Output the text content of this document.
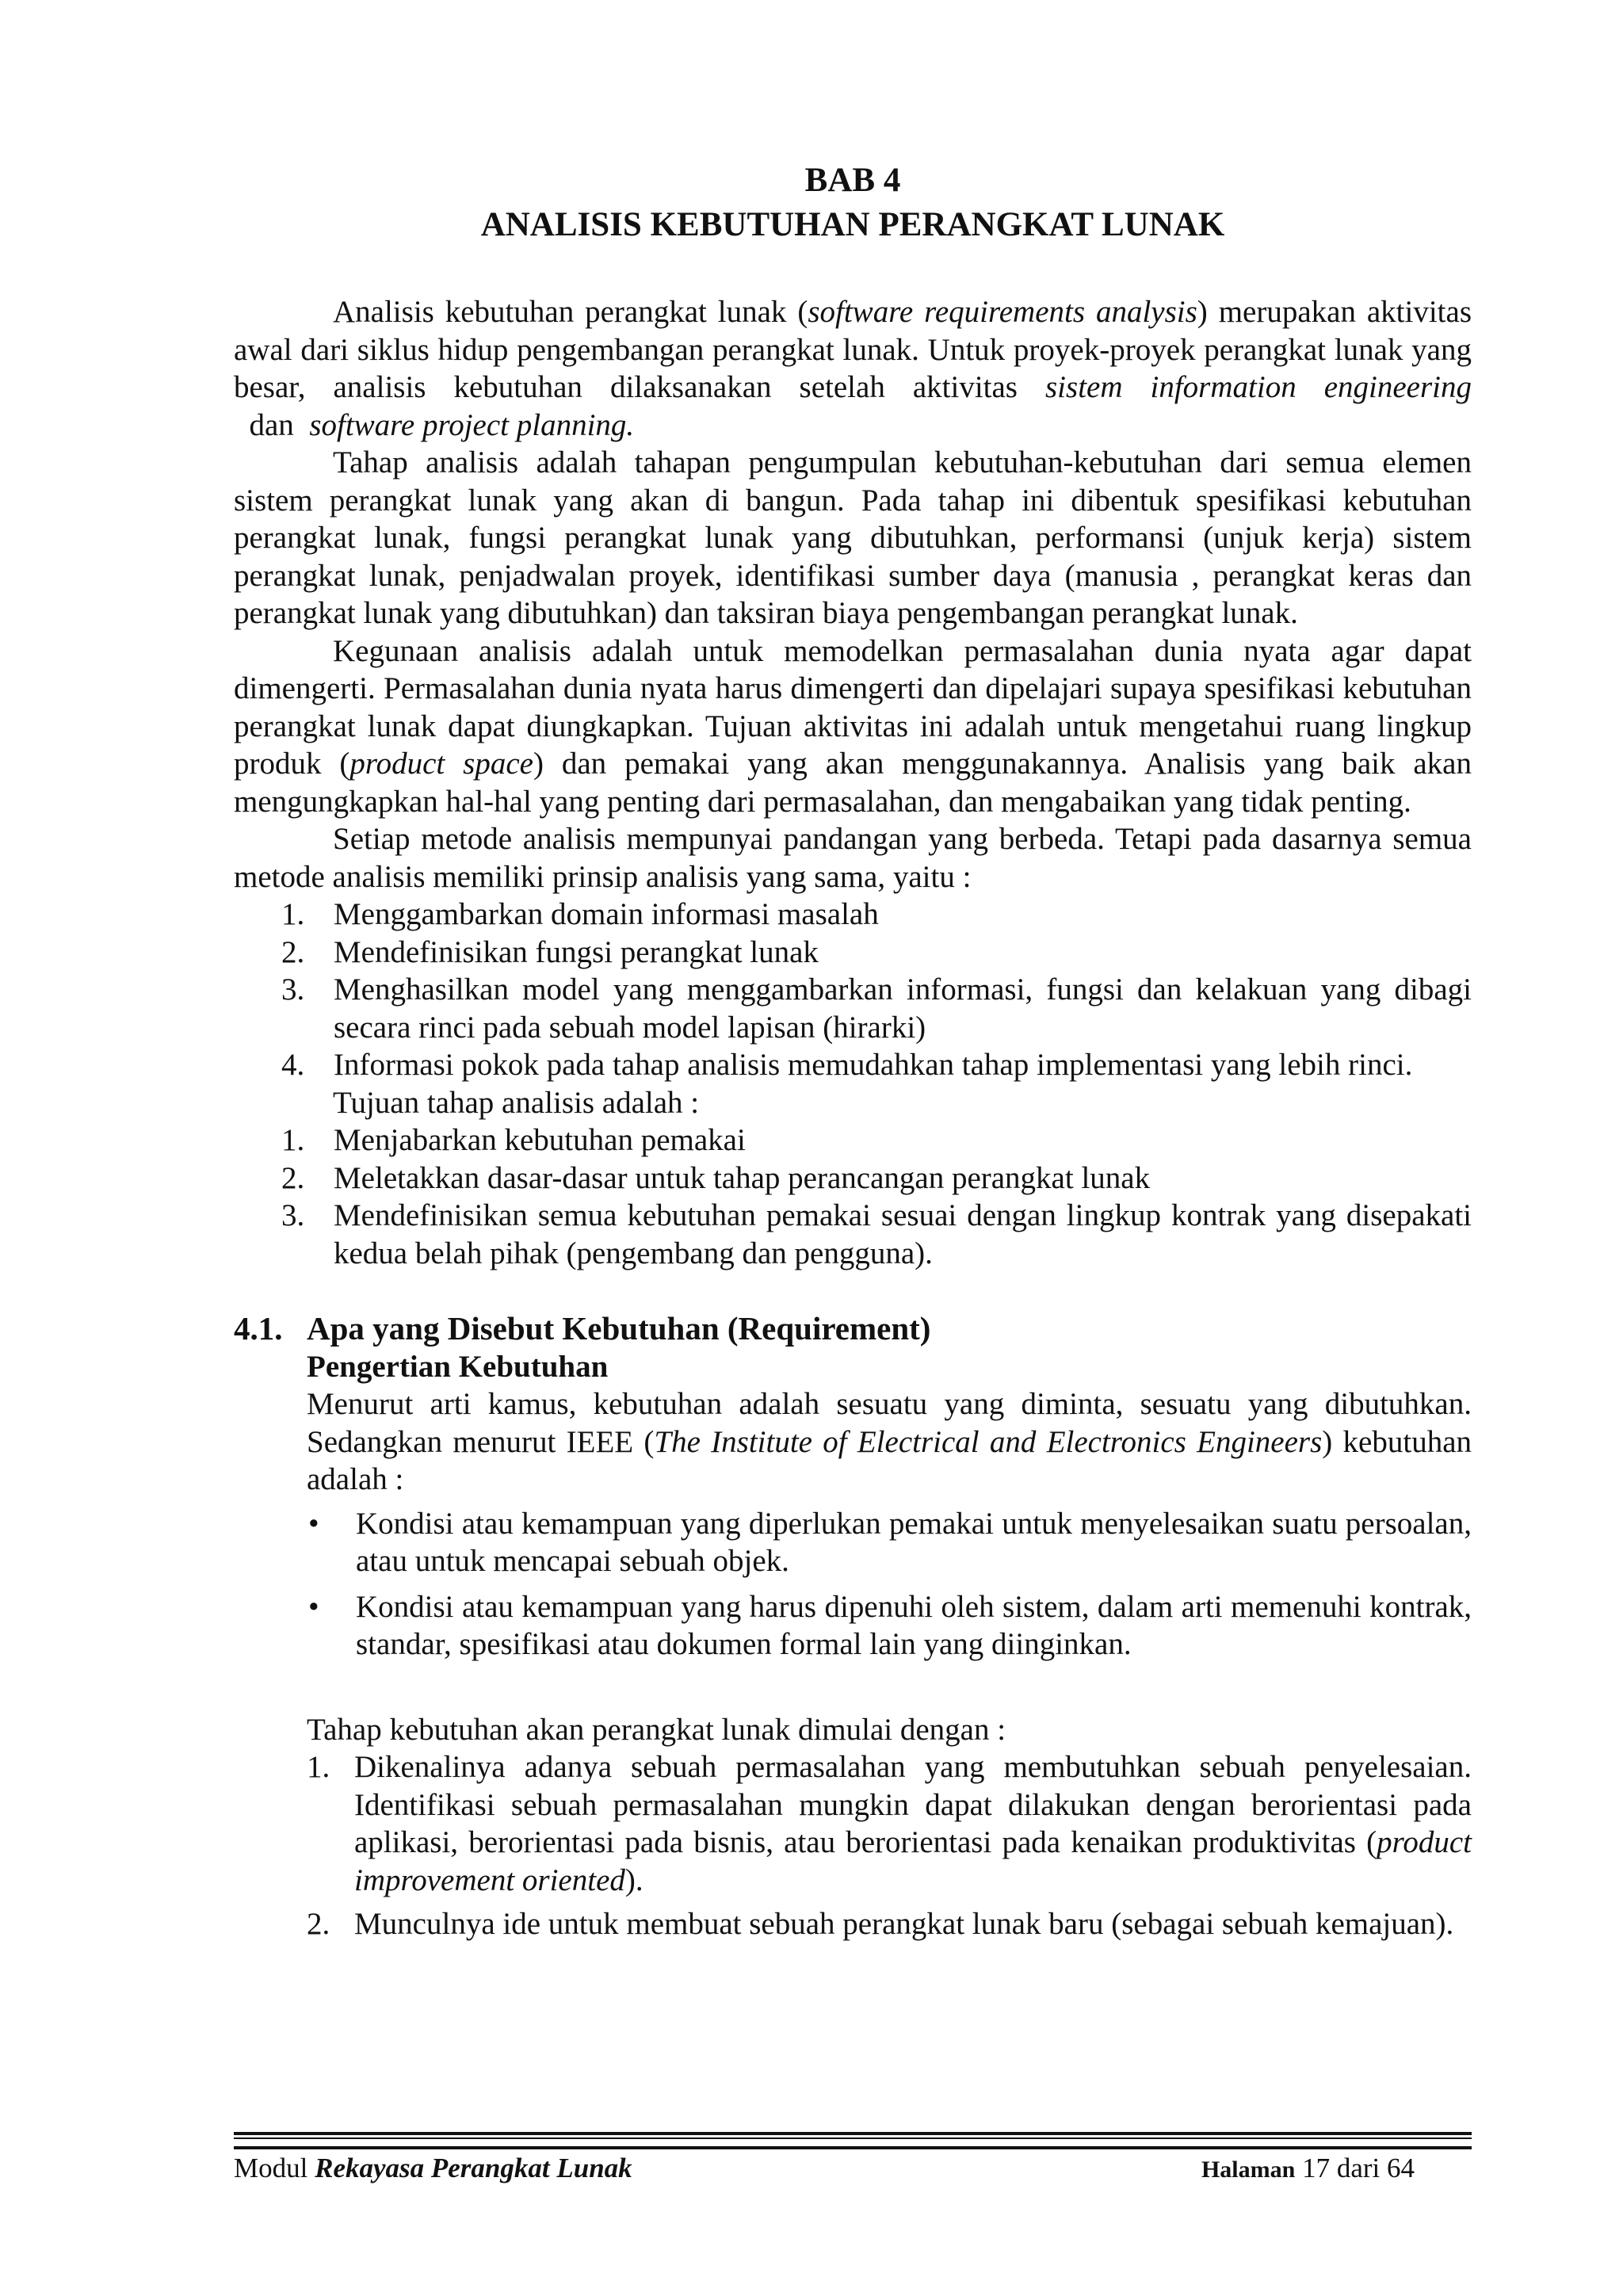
BAB 4

ANALISIS KEBUTUHAN PERANGKAT LUNAK

Analisis kebutuhan perangkat lunak (software requirements analysis) merupakan aktivitas awal dari siklus hidup pengembangan perangkat lunak. Untuk proyek-proyek perangkat lunak yang besar, analisis kebutuhan dilaksanakan setelah aktivitas sistem information engineering  dan  software project planning.

Tahap analisis adalah tahapan pengumpulan kebutuhan-kebutuhan dari semua elemen sistem perangkat lunak yang akan di bangun. Pada tahap ini dibentuk spesifikasi kebutuhan perangkat lunak, fungsi perangkat lunak yang dibutuhkan, performansi (unjuk kerja) sistem perangkat lunak, penjadwalan proyek, identifikasi sumber daya (manusia , perangkat keras dan perangkat lunak yang dibutuhkan) dan taksiran biaya pengembangan perangkat lunak.

Kegunaan analisis adalah untuk memodelkan permasalahan dunia nyata agar dapat dimengerti. Permasalahan dunia nyata harus dimengerti dan dipelajari supaya spesifikasi kebutuhan perangkat lunak dapat diungkapkan. Tujuan aktivitas ini adalah untuk mengetahui ruang lingkup produk (product space) dan pemakai yang akan menggunakannya. Analisis yang baik akan mengungkapkan hal-hal yang penting dari permasalahan, dan mengabaikan yang tidak penting.

Setiap metode analisis mempunyai pandangan yang berbeda. Tetapi pada dasarnya semua metode analisis memiliki prinsip analisis yang sama, yaitu :

1. Menggambarkan domain informasi masalah
2. Mendefinisikan fungsi perangkat lunak
3. Menghasilkan model yang menggambarkan informasi, fungsi dan kelakuan yang dibagi secara rinci pada sebuah model lapisan (hirarki)
4. Informasi pokok pada tahap analisis memudahkan tahap implementasi yang lebih rinci.

Tujuan tahap analisis adalah :

1. Menjabarkan kebutuhan pemakai
2. Meletakkan dasar-dasar untuk tahap perancangan perangkat lunak
3. Mendefinisikan semua kebutuhan pemakai sesuai dengan lingkup kontrak yang disepakati kedua belah pihak (pengembang dan pengguna).
4.1. Apa yang Disebut Kebutuhan (Requirement)

Pengertian Kebutuhan

Menurut arti kamus, kebutuhan adalah sesuatu yang diminta, sesuatu yang dibutuhkan. Sedangkan menurut IEEE (The Institute of Electrical and Electronics Engineers) kebutuhan adalah :

•	Kondisi atau kemampuan yang diperlukan pemakai untuk menyelesaikan suatu persoalan, atau untuk mencapai sebuah objek.
•	Kondisi atau kemampuan yang harus dipenuhi oleh sistem, dalam arti memenuhi kontrak, standar, spesifikasi atau dokumen formal lain yang diinginkan.

Tahap kebutuhan akan perangkat lunak dimulai dengan :

1. Dikenalinya adanya sebuah permasalahan yang membutuhkan sebuah penyelesaian. Identifikasi sebuah permasalahan mungkin dapat dilakukan dengan berorientasi pada aplikasi, berorientasi pada bisnis, atau berorientasi pada kenaikan produktivitas (product improvement oriented).
2. Munculnya ide untuk membuat sebuah perangkat lunak baru (sebagai sebuah kemajuan).
Modul Rekayasa Perangkat Lunak	Halaman 17 dari 64
